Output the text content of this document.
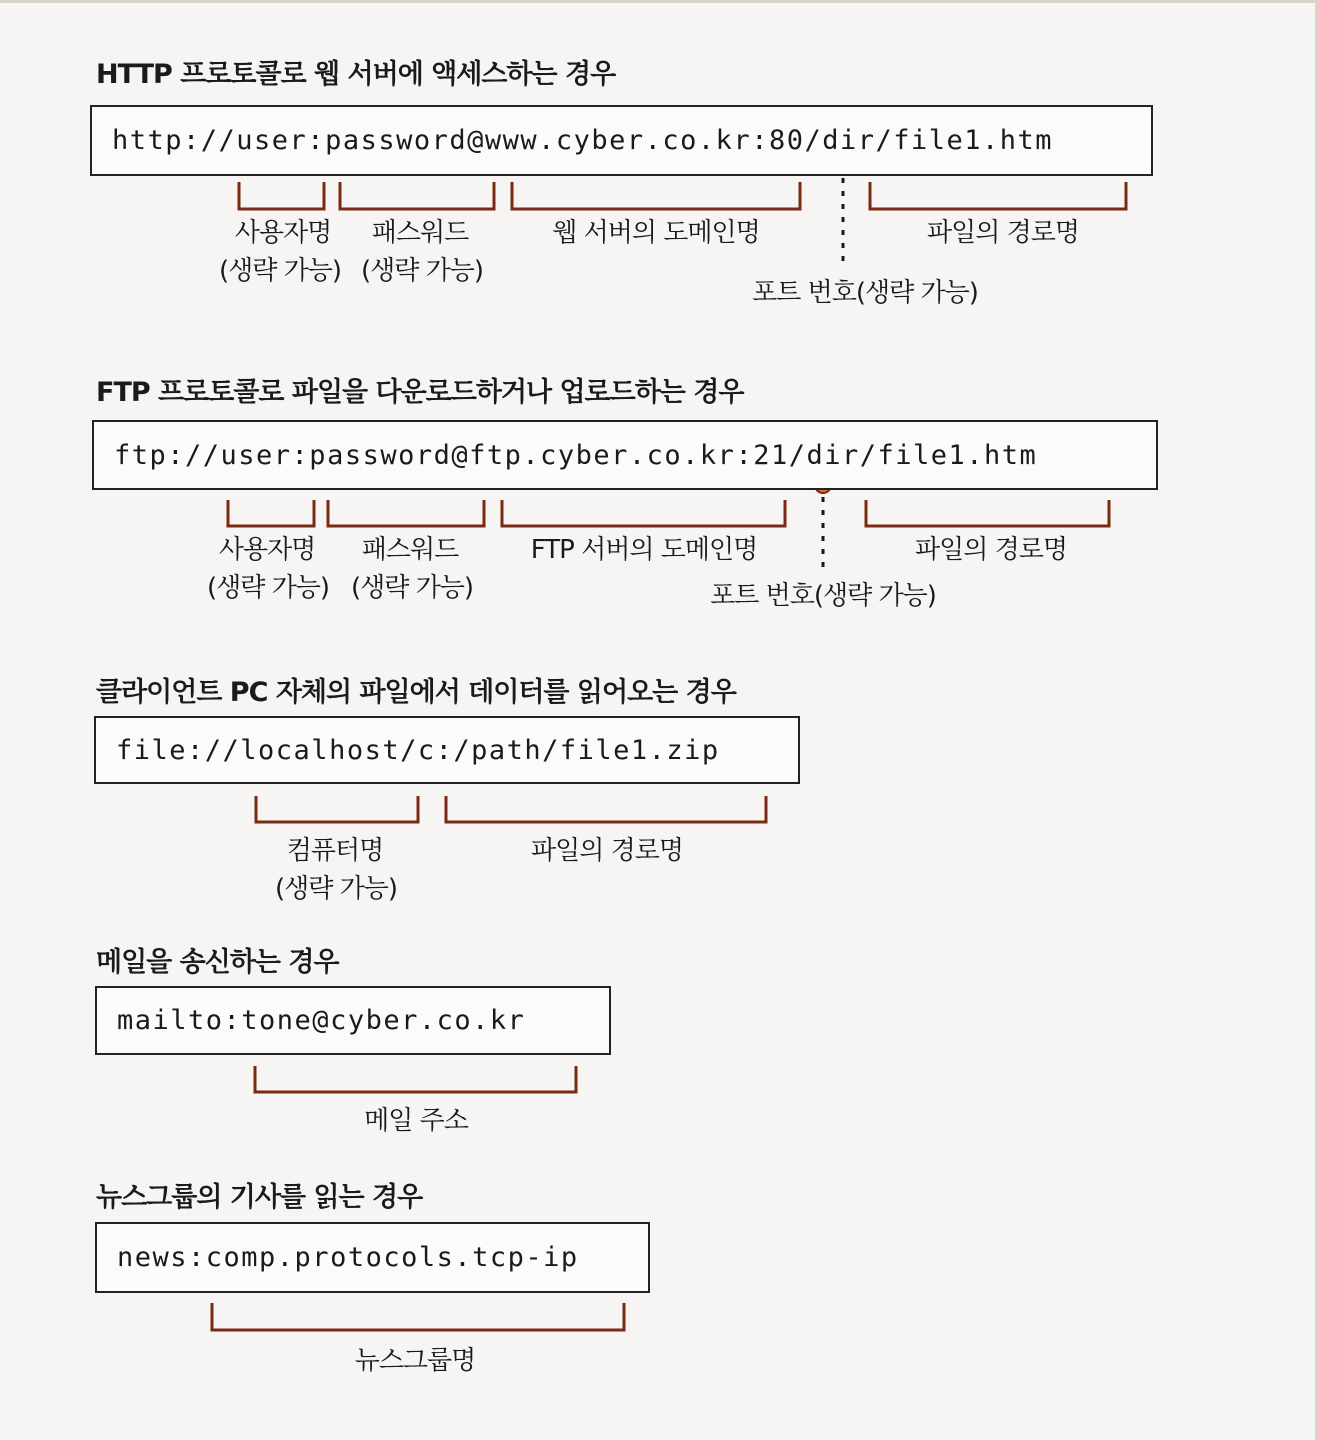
HTTP 프로토콜로 웹 서버에 액세스하는 경우
http://user:password@www.cyber.co.kr:80/dir/file1.htm
사용자명
(생략 가능)
패스워드
(생략 가능)
웹 서버의 도메인명	파일의 경로명
포트 번호(생략 가능)
FTP 프로토콜로 파일을 다운로드하거나 업로드하는 경우
ftp://user:password@ftp.cyber.co.kr:21/dir/file1.htm
사용자명
(생략 가능)
패스워드
(생략 가능)
FTP 서버의 도메인명	파일의 경로명
포트 번호(생략 가능)
클라이언트 PC 자체의 파일에서 데이터를 읽어오는 경우
file://localhost/c:/path/file1.zip
컴퓨터명
(생략 가능)
파일의 경로명
메일을 송신하는 경우
mailto:tone@cyber.co.kr
메일 주소
뉴스그룹의 기사를 읽는 경우
news:comp.protocols.tcp-ip
뉴스그룹명
